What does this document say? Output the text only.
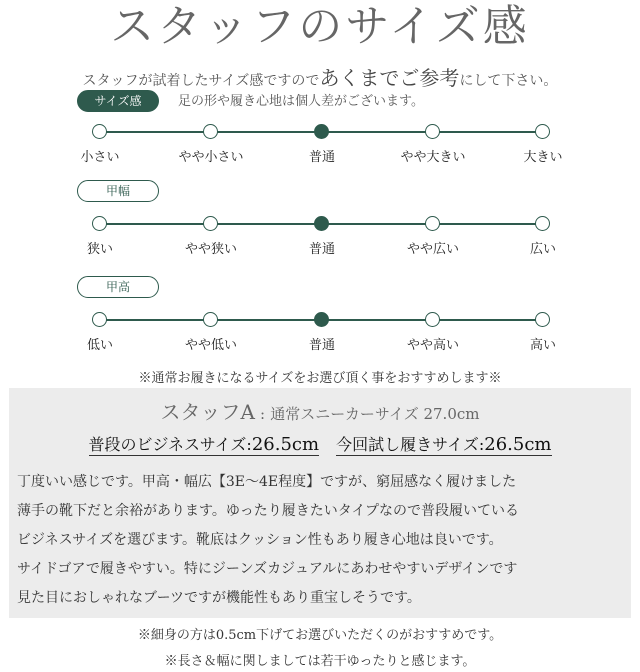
スタッフのサイズ感
スタッフが試着したサイズ感ですのであくまでご参考にして下さい。
足の形や履き心地は個人差がございます。
サイズ感
小さい	やや小さい	普通	やや大きい	大きい
甲幅
狭い	やや狭い	普通	やや広い	広い
甲高
低い	やや低い	普通	やや高い	高い
※通常お履きになるサイズをお選び頂く事をおすすめします※
スタッフA : 通常スニーカーサイズ 27.0cm
普段のビジネスサイズ:26.5cm 今回試し履きサイズ:26.5cm
丁度いい感じです。甲高・幅広【3E～4E程度】ですが、窮屈感なく履けました
薄手の靴下だと余裕があります。ゆったり履きたいタイプなので普段履いている
ビジネスサイズを選びます。靴底はクッション性もあり履き心地は良いです。
サイドゴアで履きやすい。特にジーンズカジュアルにあわせやすいデザインです
見た目におしゃれなブーツですが機能性もあり重宝しそうです。
※細身の方は0.5cm下げてお選びいただくのがおすすめです。
※長さ＆幅に関しましては若干ゆったりと感じます。
